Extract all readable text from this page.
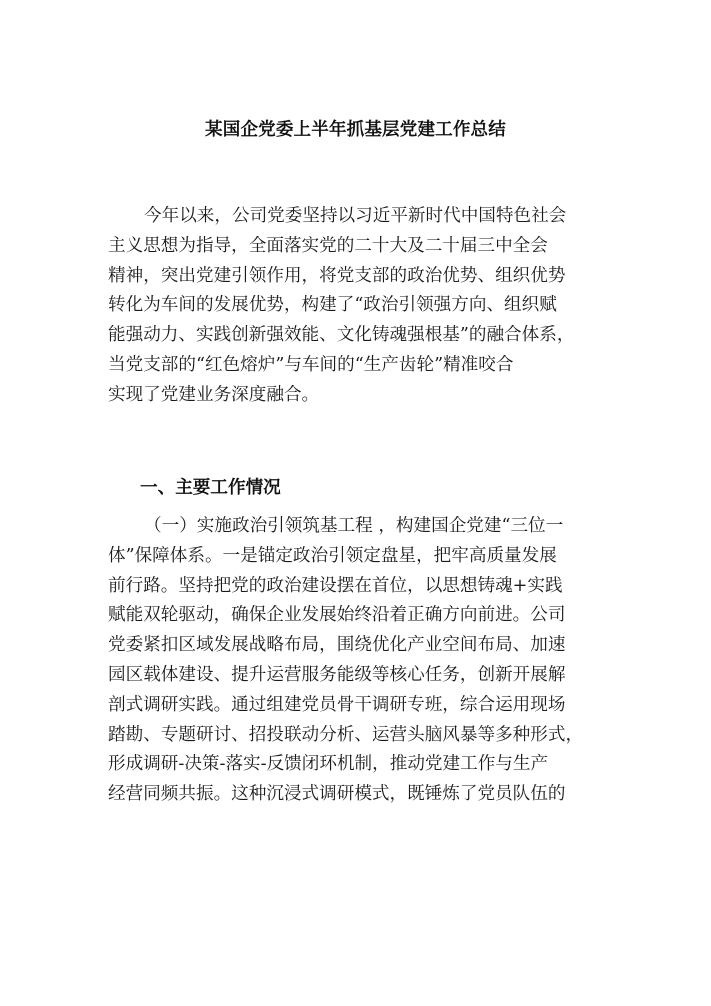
某国企党委上半年抓基层党建工作总结
今年以来，公司党委坚持以习近平新时代中国特色社会
主义思想为指导，全面落实党的二十大及二十届三中全会
精神，突出党建引领作用，将党支部的政治优势、组织优势
转化为车间的发展优势，构建了“政治引领强方向、组织赋
能强动力、实践创新强效能、文化铸魂强根基”的融合体系，
当党支部的“红色熔炉”与车间的“生产齿轮”精准咬合
实现了党建业务深度融合。
一、主要工作情况
（一）实施政治引领筑基工程 ，构建国企党建“三位一
体”保障体系。一是锚定政治引领定盘星，把牢高质量发展
前行路。坚持把党的政治建设摆在首位，以思想铸魂+实践
赋能双轮驱动，确保企业发展始终沿着正确方向前进。公司
党委紧扣区域发展战略布局，围绕优化产业空间布局、加速
园区载体建设、提升运营服务能级等核心任务，创新开展解
剖式调研实践。通过组建党员骨干调研专班，综合运用现场
踏勘、专题研讨、招投联动分析、运营头脑风暴等多种形式，
形成调研-决策-落实-反馈闭环机制，推动党建工作与生产
经营同频共振。这种沉浸式调研模式，既锤炼了党员队伍的
